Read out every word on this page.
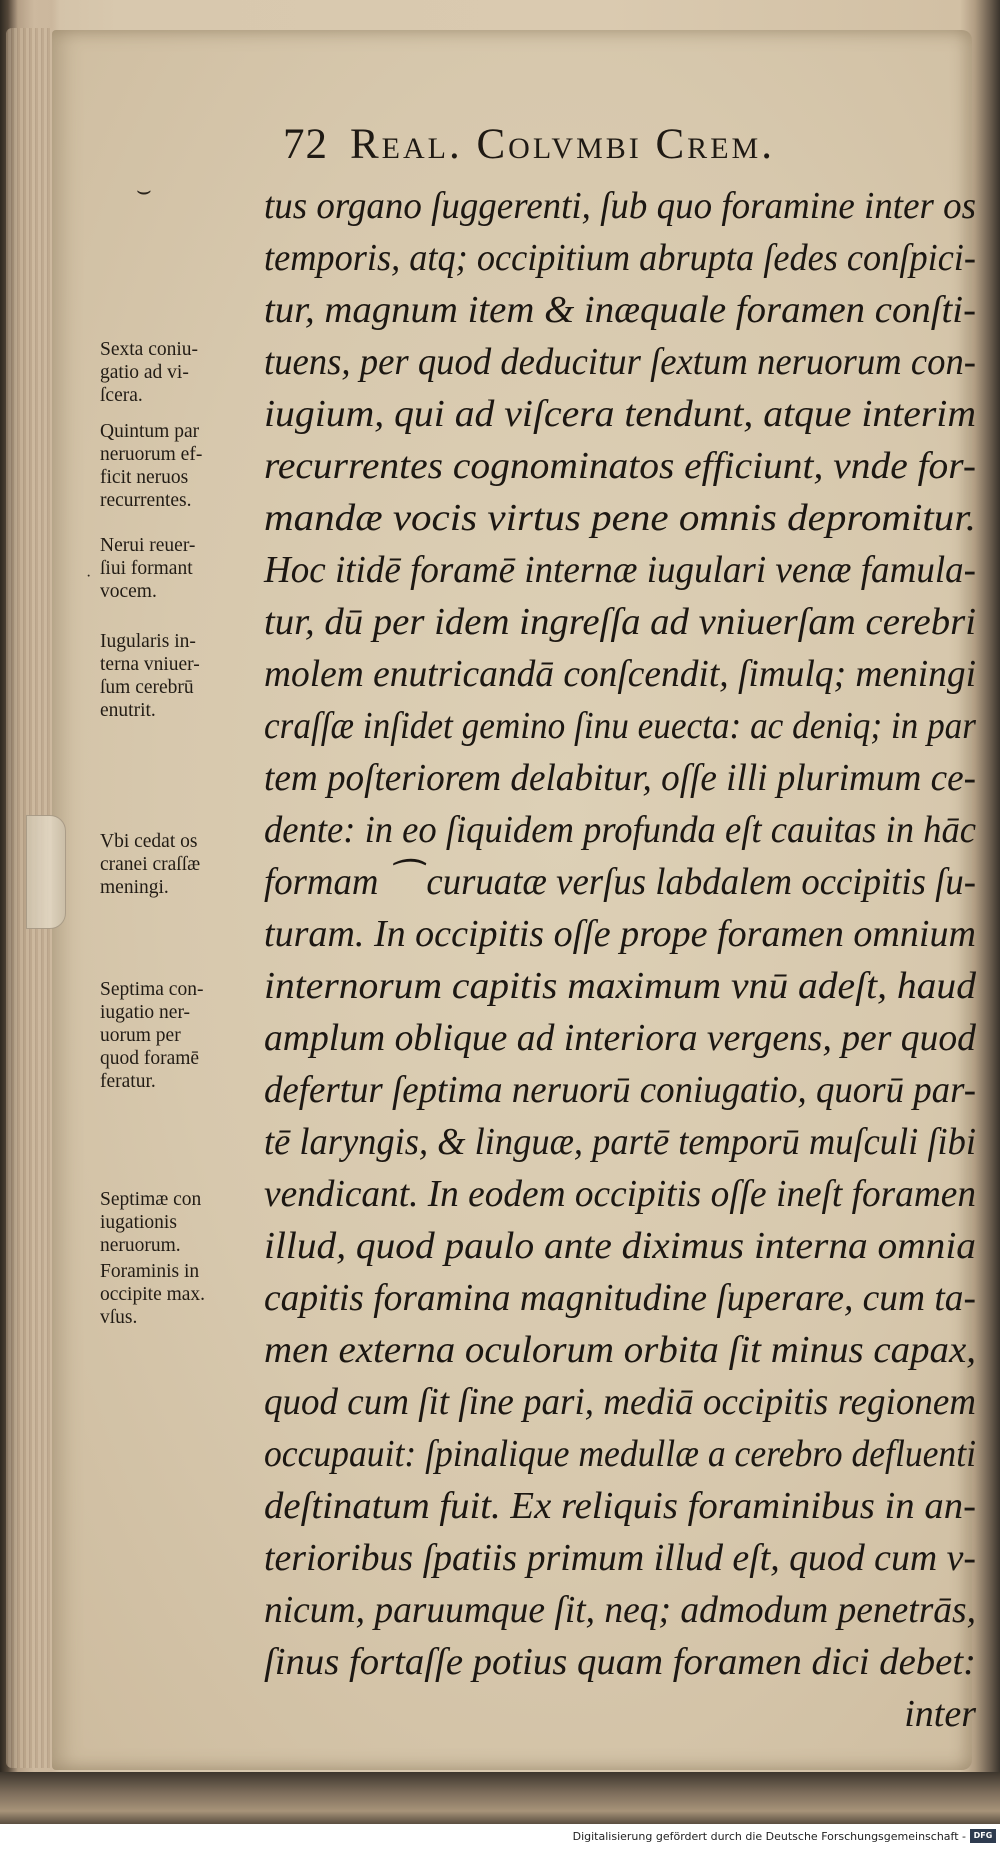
⌣
·
72 Real. Colvmbi Crem.
tus organo ſuggerenti, ſub quo foramine inter os
temporis, atq; occipitium abrupta ſedes conſpici-
tur, magnum item & inæquale foramen conſti-
tuens, per quod deducitur ſextum neruorum con-
iugium, qui ad viſcera tendunt, atque interim
recurrentes cognominatos efficiunt, vnde for-
mandæ vocis virtus pene omnis depromitur.
Hoc itidē foramē internæ iugulari venæ famula-
tur, dū per idem ingreſſa ad vniuerſam cerebri
molem enutricandā conſcendit, ſimulq; meningi
craſſæ inſidet gemino ſinu euecta: ac deniq; in par
tem poſteriorem delabitur, oſſe illi plurimum ce-
dente: in eo ſiquidem profunda eſt cauitas in hāc
formam ⁀ curuatæ verſus labdalem occipitis ſu-
turam. In occipitis oſſe prope foramen omnium
internorum capitis maximum vnū adeſt, haud
amplum oblique ad interiora vergens, per quod
defertur ſeptima neruorū coniugatio, quorū par-
tē laryngis, & linguæ, partē temporū muſculi ſibi
vendicant. In eodem occipitis oſſe ineſt foramen
illud, quod paulo ante diximus interna omnia
capitis foramina magnitudine ſuperare, cum ta-
men externa oculorum orbita ſit minus capax,
quod cum ſit ſine pari, mediā occipitis regionem
occupauit: ſpinalique medullæ a cerebro defluenti
deſtinatum fuit. Ex reliquis foraminibus in an-
terioribus ſpatiis primum illud eſt, quod cum v-
nicum, paruumque ſit, neq; admodum penetrās,
ſinus fortaſſe potius quam foramen dici debet:
inter
Sexta coniu-
gatio ad vi-
ſcera.
Quintum par
neruorum ef-
ficit neruos
recurrentes.
Nerui reuer-
ſiui formant
vocem.
Iugularis in-
terna vniuer-
ſum cerebrū
enutrit.
Vbi cedat os
cranei craſſæ
meningi.
Septima con-
iugatio ner-
uorum per
quod foramē
feratur.
Septimæ con
iugationis
neruorum.
Foraminis in
occipite max.
vſus.
Digitalisierung gefördert durch die Deutsche Forschungsgemeinschaft - DFG
